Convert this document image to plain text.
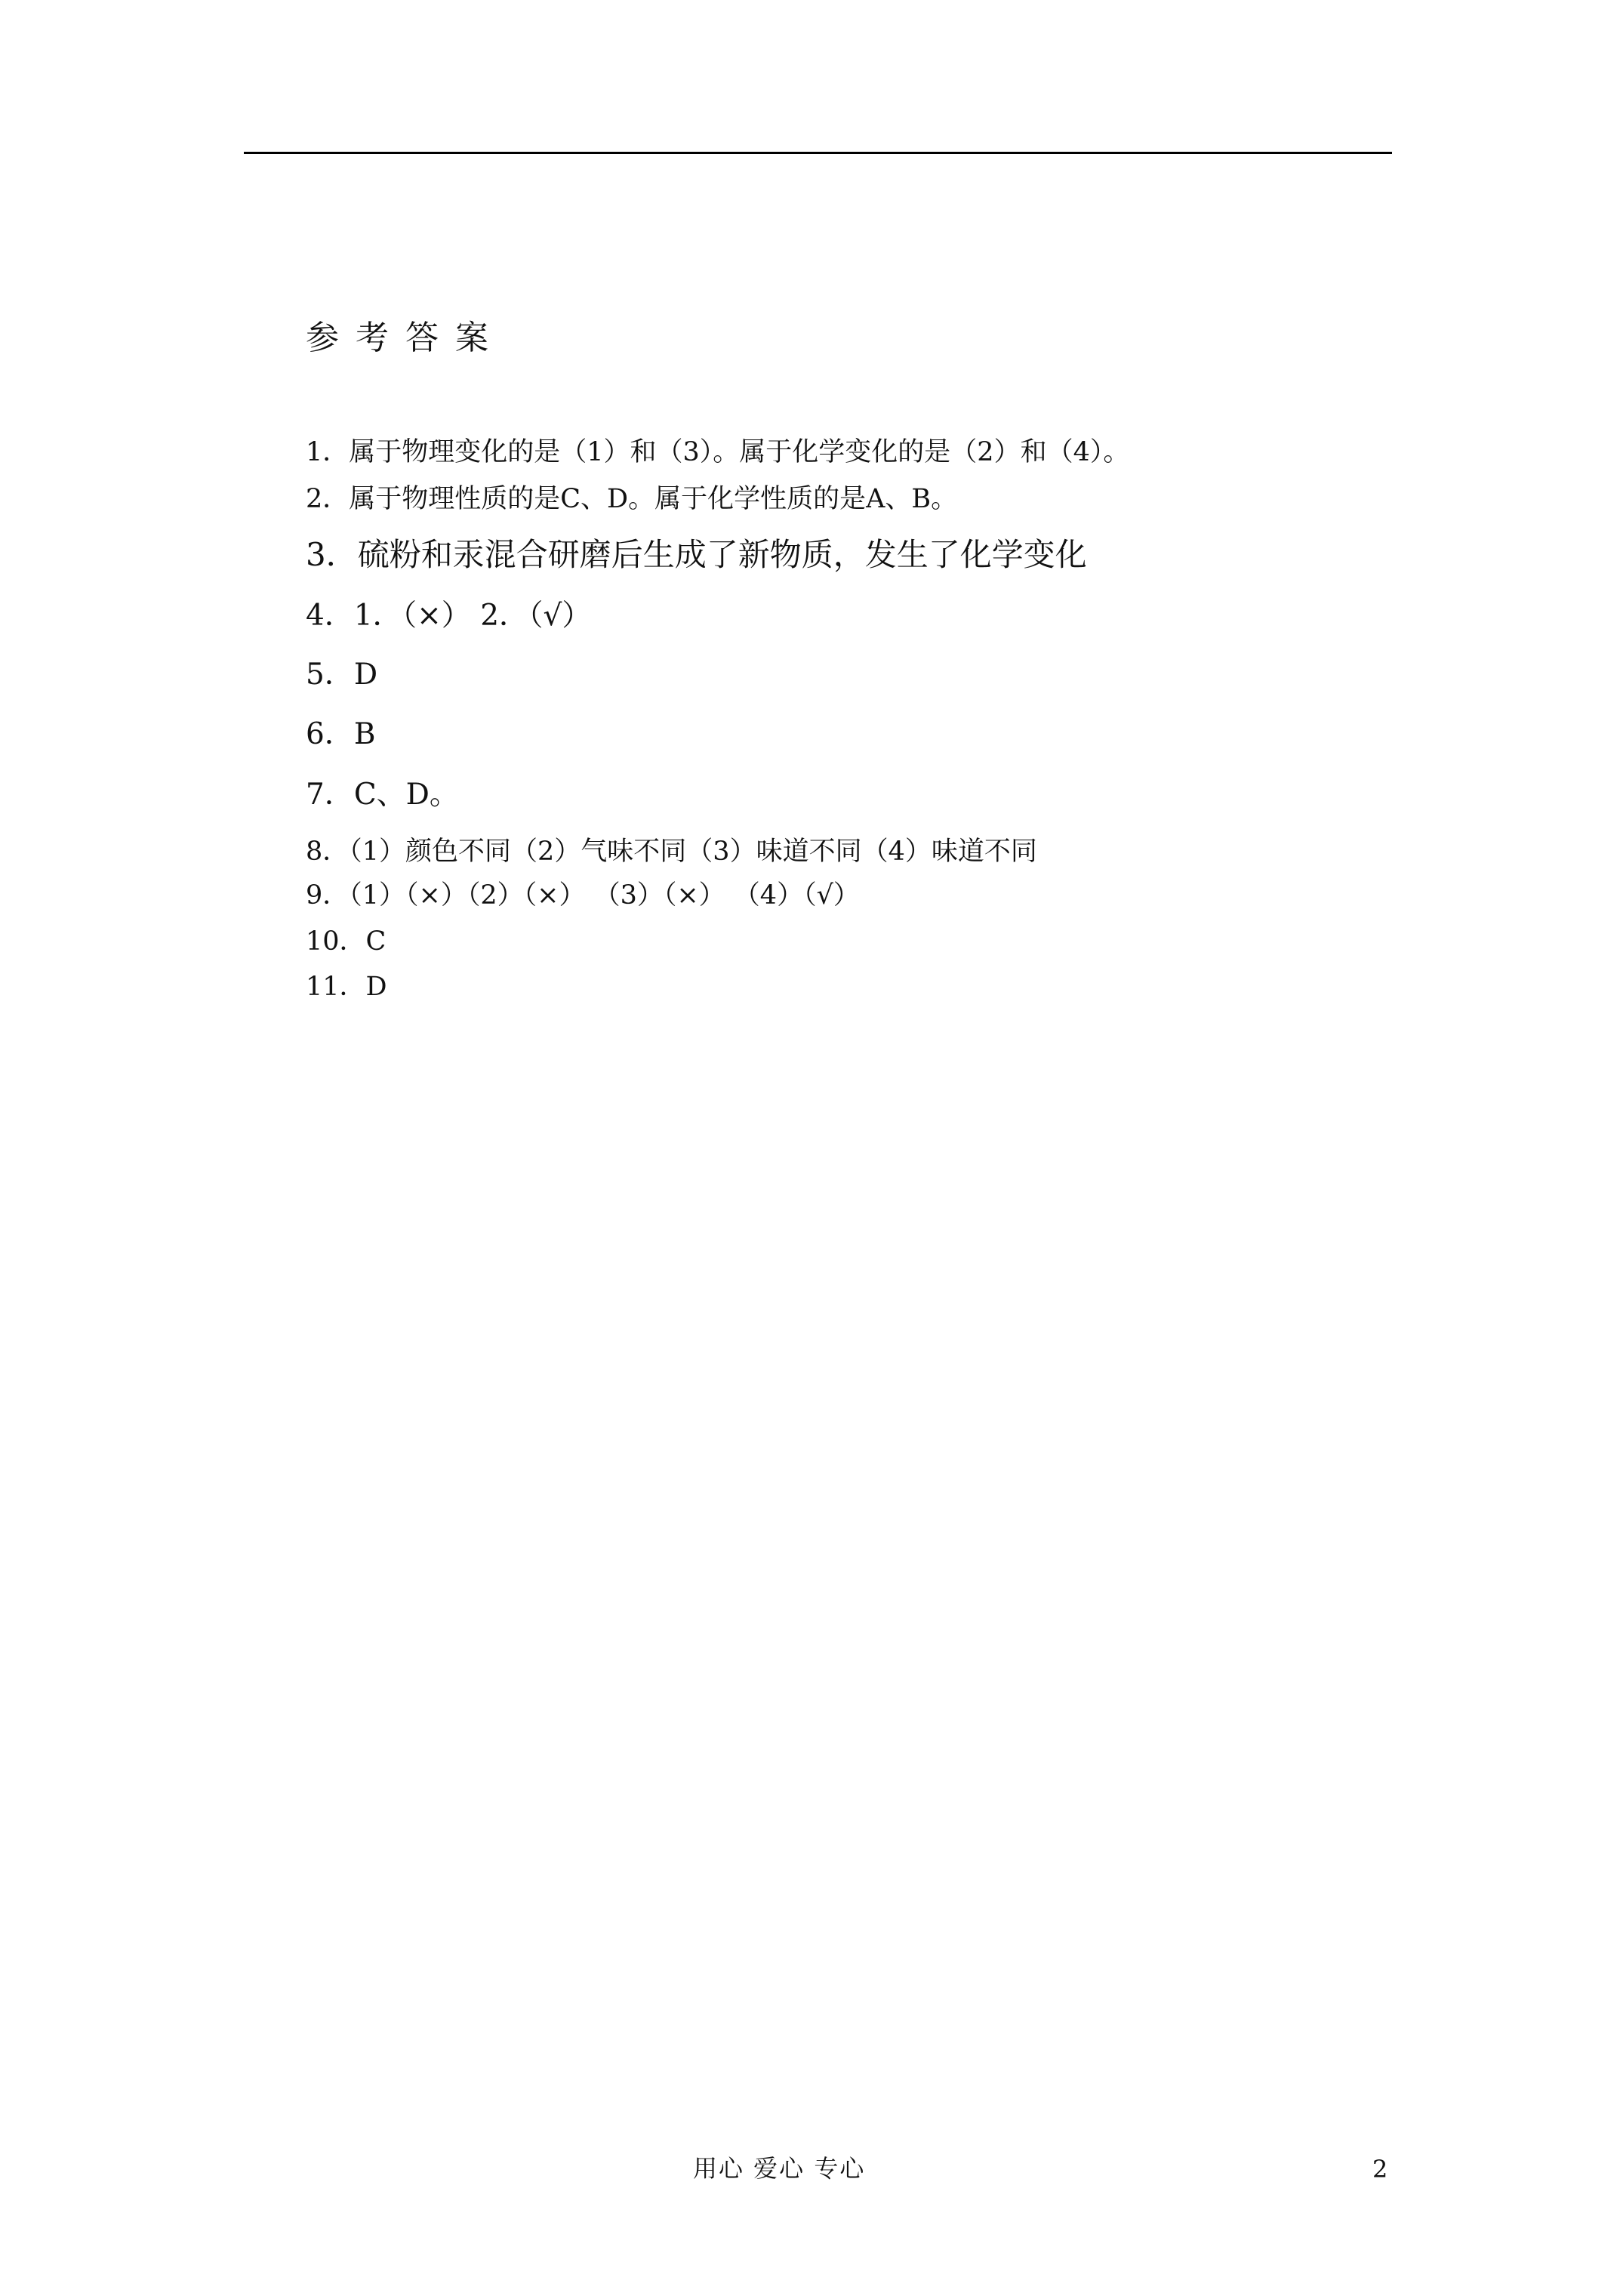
参考答案
1．属于物理变化的是（1）和（3）。属于化学变化的是（2）和（4）。
2．属于物理性质的是C、D。属于化学性质的是A、B。
3．硫粉和汞混合研磨后生成了新物质，发生了化学变化
4．1．（×） 2．（√）
5．D
6．B
7．C、D。
8．（1）颜色不同（2）气味不同（3）味道不同（4）味道不同
9．（1）（×）（2）（×） （3）（×） （4）（√）
10．C
11．D
用心 爱心 专心	2
